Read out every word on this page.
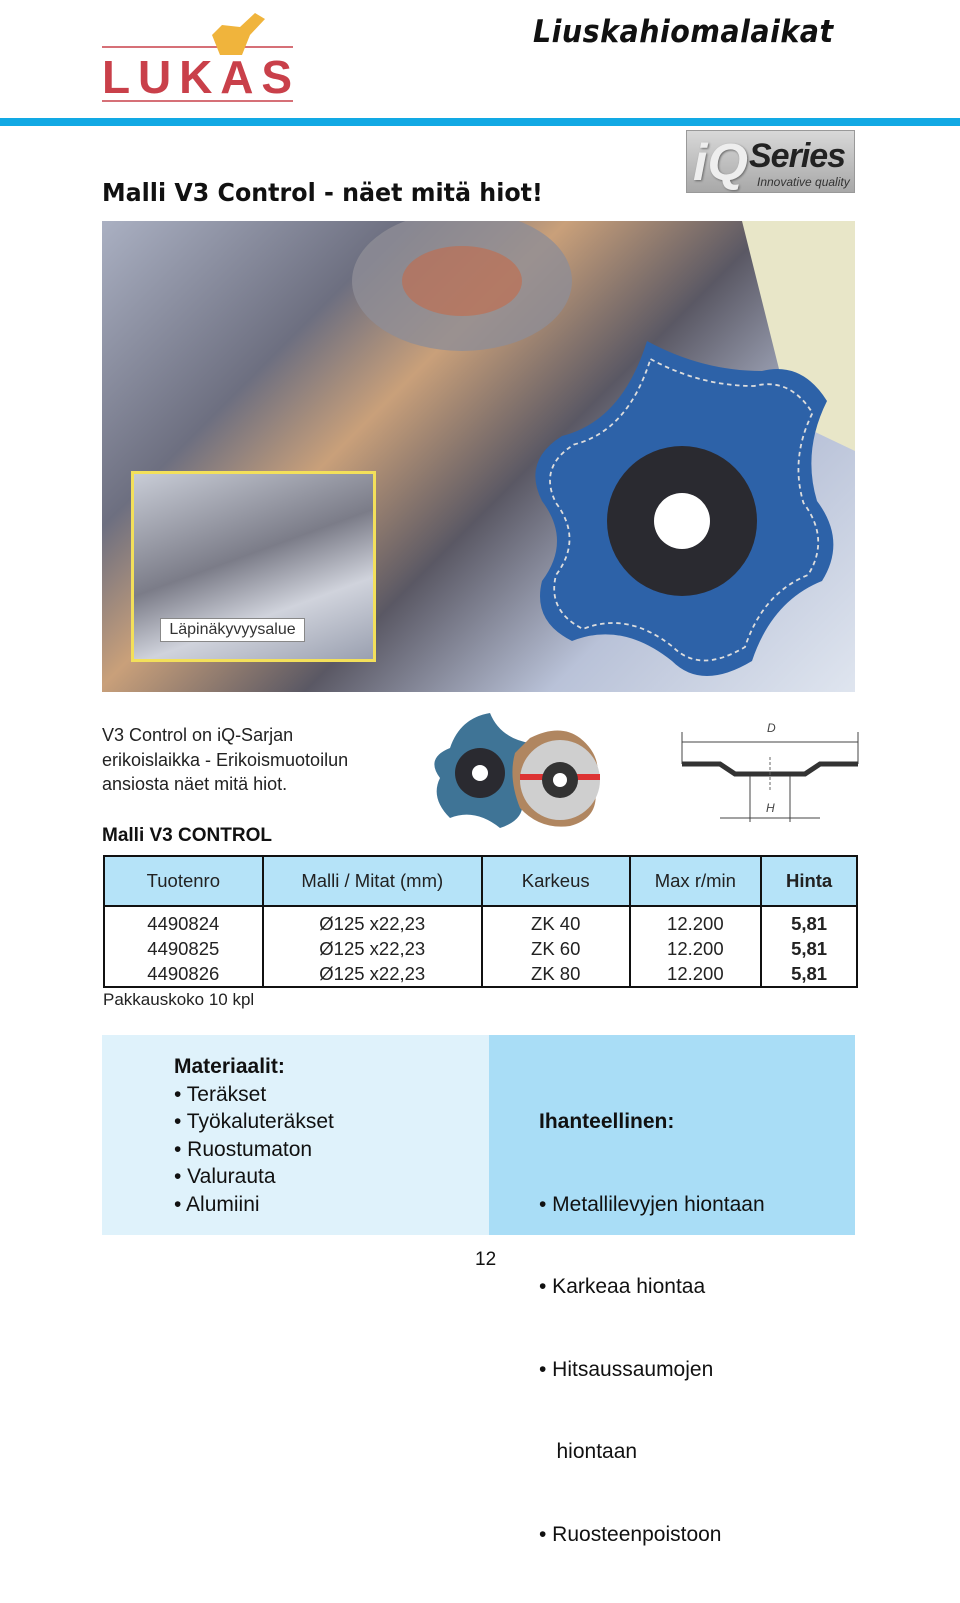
LUKAS
Liuskahiomalaikat
Malli V3 Control - näet mitä hiot!
iQ Series
Innovative quality
Läpinäkyvyysalue
V3 Control on iQ-Sarjan
erikoislaikka - Erikoismuotoilun
ansiosta näet mitä hiot.
D
H
Malli V3 CONTROL
Tuotenro	Malli / Mitat (mm)	Karkeus	Max r/min	Hinta
4490824	Ø125 x22,23	ZK 40	12.200	5,81
4490825	Ø125 x22,23	ZK 60	12.200	5,81
4490826	Ø125 x22,23	ZK 80	12.200	5,81
Pakkauskoko 10 kpl
Materiaalit:
• Teräkset
• Työkaluteräkset
• Ruostumaton
• Valurauta
• Alumiini

Ihanteellinen:

• Metallilevyjen hiontaan

• Karkeaa hiontaa

• Hitsaussaumojen

hiontaan

• Ruosteenpoistoon

12
